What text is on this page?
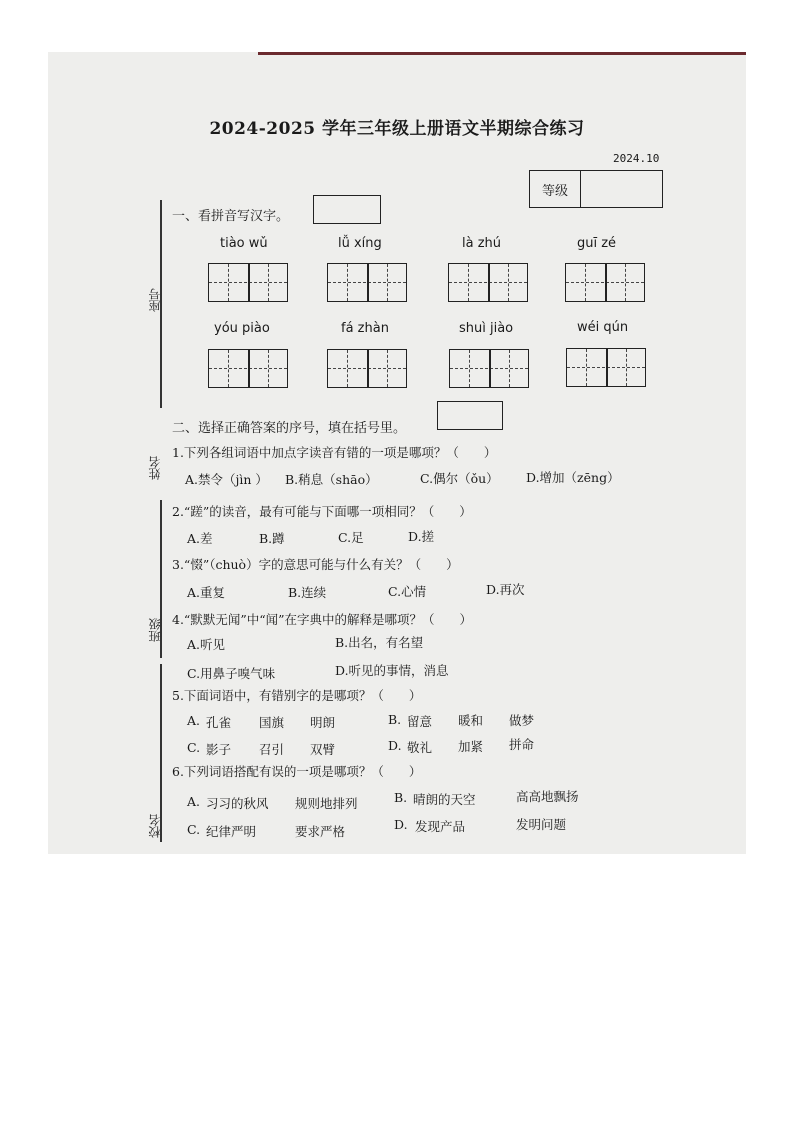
2024-2025 学年三年级上册语文半期综合练习
2024.10
等级
座号
姓名
班级
校名
一、看拼音写汉字。
tiào wǔ	lǚ xíng	là zhú	guī zé
yóu piào	fá zhàn	shuì jiào	wéi qún
二、选择正确答案的序号，填在括号里。
1.下列各组词语中加点字读音有错的一项是哪项？（　　）
A.禁令（jìn ） B.稍息（shāo）	C.偶尔（ǒu） D.增加（zēng）
2.“蹉”的读音，最有可能与下面哪一项相同？（　　）
A.差	B.蹲	C.足	D.搓
3.“惙”（chuò）字的意思可能与什么有关？（　　）
A.重复	B.连续	C.心情	D.再次
4.“默默无闻”中“闻”在字典中的解释是哪项？（　　）
A.听见	B.出名，有名望
C.用鼻子嗅气味	D.听见的事情，消息
5.下面词语中，有错别字的是哪项？（　　）
A. 孔雀 国旗 明朗	B. 留意 暖和 做梦
C. 影子 召引 双臂	D. 敬礼 加紧 拼命
6.下列词语搭配有误的一项是哪项？（　　）
A. 习习的秋风 规则地排列	B. 晴朗的天空	高高地飘扬
C. 纪律严明	要求严格	D. 发现产品	发明问题
